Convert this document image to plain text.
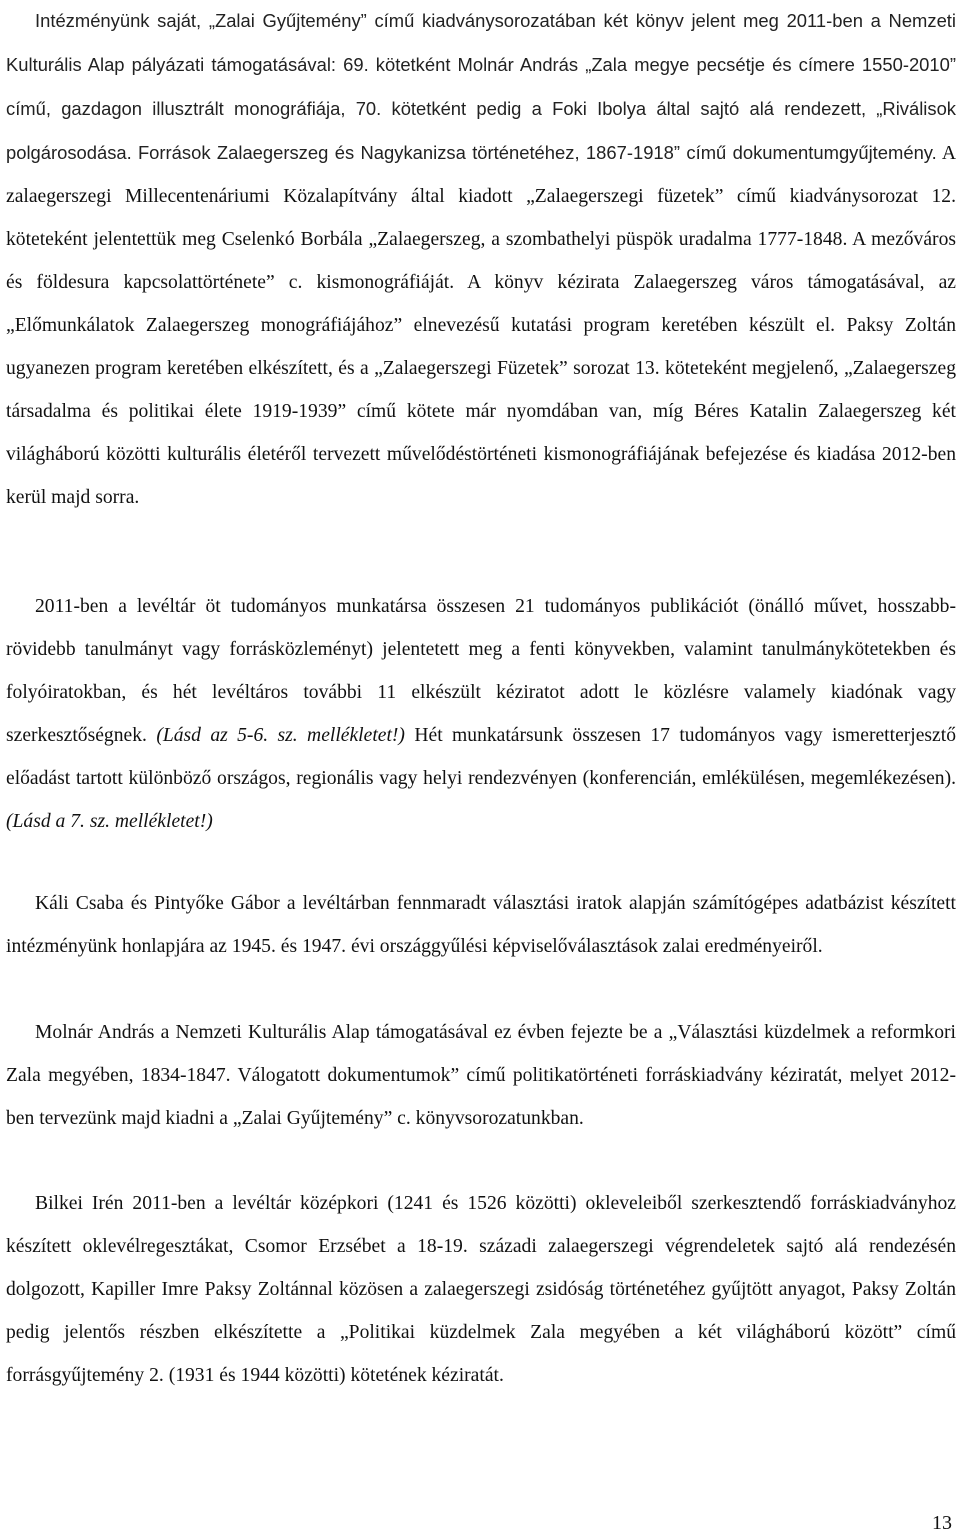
Intézményünk saját, „Zalai Gyűjtemény” című kiadványsorozatában két könyv jelent meg 2011-ben a Nemzeti Kulturális Alap pályázati támogatásával: 69. kötetként Molnár András „Zala megye pecsétje és címere 1550-2010” című, gazdagon illusztrált monográfiája, 70. kötetként pedig a Foki Ibolya által sajtó alá rendezett, „Riválisok polgárosodása. Források Zalaegerszeg és Nagykanizsa történetéhez, 1867-1918” című dokumentumgyűjtemény. A zalaegerszegi Millecentenáriumi Közalapítvány által kiadott „Zalaegerszegi füzetek” című kiadványsorozat 12. köteteként jelentettük meg Cselenkó Borbála „Zalaegerszeg, a szombathelyi püspök uradalma 1777-1848. A mezőváros és földesura kapcsolattörténete” c. kismonográfiáját. A könyv kézirata Zalaegerszeg város támogatásával, az „Előmunkálatok Zalaegerszeg monográfiájához” elnevezésű kutatási program keretében készült el. Paksy Zoltán ugyanezen program keretében elkészített, és a „Zalaegerszegi Füzetek” sorozat 13. köteteként megjelenő, „Zalaegerszeg társadalma és politikai élete 1919-1939” című kötete már nyomdában van, míg Béres Katalin Zalaegerszeg két világháború közötti kulturális életéről tervezett művelődéstörténeti kismonográfiájának befejezése és kiadása 2012-ben kerül majd sorra.

2011-ben a levéltár öt tudományos munkatársa összesen 21 tudományos publikációt (önálló művet, hosszabb-rövidebb tanulmányt vagy forrásközleményt) jelentetett meg a fenti könyvekben, valamint tanulmánykötetekben és folyóiratokban, és hét levéltáros további 11 elkészült kéziratot adott le közlésre valamely kiadónak vagy szerkesztőségnek. (Lásd az 5-6. sz. mellékletet!) Hét munkatársunk összesen 17 tudományos vagy ismeretterjesztő előadást tartott különböző országos, regionális vagy helyi rendezvényen (konferencián, emlékülésen, megemlékezésen). (Lásd a 7. sz. mellékletet!)

Káli Csaba és Pintyőke Gábor a levéltárban fennmaradt választási iratok alapján számítógépes adatbázist készített intézményünk honlapjára az 1945. és 1947. évi országgyűlési képviselőválasztások zalai eredményeiről.

Molnár András a Nemzeti Kulturális Alap támogatásával ez évben fejezte be a „Választási küzdelmek a reformkori Zala megyében, 1834-1847. Válogatott dokumentumok” című politikatörténeti forráskiadvány kéziratát, melyet 2012-ben tervezünk majd kiadni a „Zalai Gyűjtemény” c. könyvsorozatunkban.

Bilkei Irén 2011-ben a levéltár középkori (1241 és 1526 közötti) okleveleiből szerkesztendő forráskiadványhoz készített oklevélregesztákat, Csomor Erzsébet a 18-19. századi zalaegerszegi végrendeletek sajtó alá rendezésén dolgozott, Kapiller Imre Paksy Zoltánnal közösen a zalaegerszegi zsidóság történetéhez gyűjtött anyagot, Paksy Zoltán pedig jelentős részben elkészítette a „Politikai küzdelmek Zala megyében a két világháború között” című forrásgyűjtemény 2. (1931 és 1944 közötti) kötetének kéziratát.

13
